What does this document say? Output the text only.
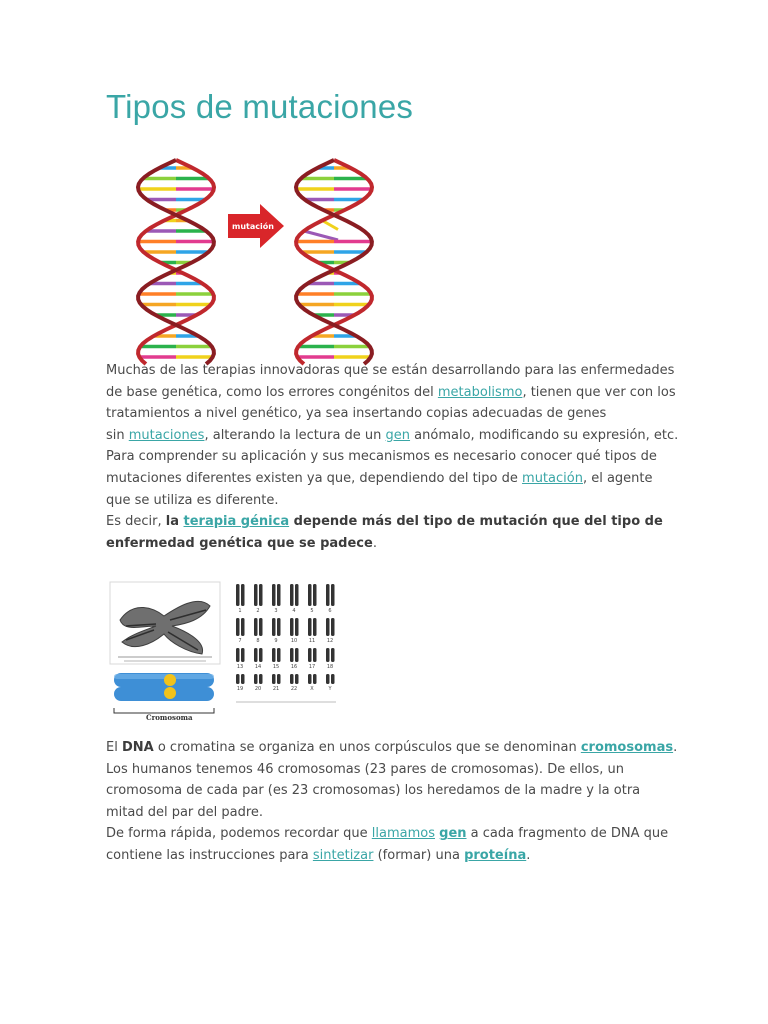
Tipos de mutaciones
mutación
Muchas de las terapias innovadoras que se están desarrollando para las enfermedades
de base genética, como los errores congénitos del metabolismo, tienen que ver con los
tratamientos a nivel genético, ya sea insertando copias adecuadas de genes
sin mutaciones, alterando la lectura de un gen anómalo, modificando su expresión, etc.
Para comprender su aplicación y sus mecanismos es necesario conocer qué tipos de
mutaciones diferentes existen ya que, dependiendo del tipo de mutación, el agente
que se utiliza es diferente.
Es decir, la terapia génica depende más del tipo de mutación que del tipo de
enfermedad genética que se padece.
Cromosoma
1	2	3	4	5	6
7	8	9	10 11 12
13 14 15 16 17 18
19 20 21 22	X	Y
El DNA o cromatina se organiza en unos corpúsculos que se denominan cromosomas.
Los humanos tenemos 46 cromosomas (23 pares de cromosomas). De ellos, un
cromosoma de cada par (es 23 cromosomas) los heredamos de la madre y la otra
mitad del par del padre.
De forma rápida, podemos recordar que llamamos gen a cada fragmento de DNA que
contiene las instrucciones para sintetizar (formar) una proteína.
